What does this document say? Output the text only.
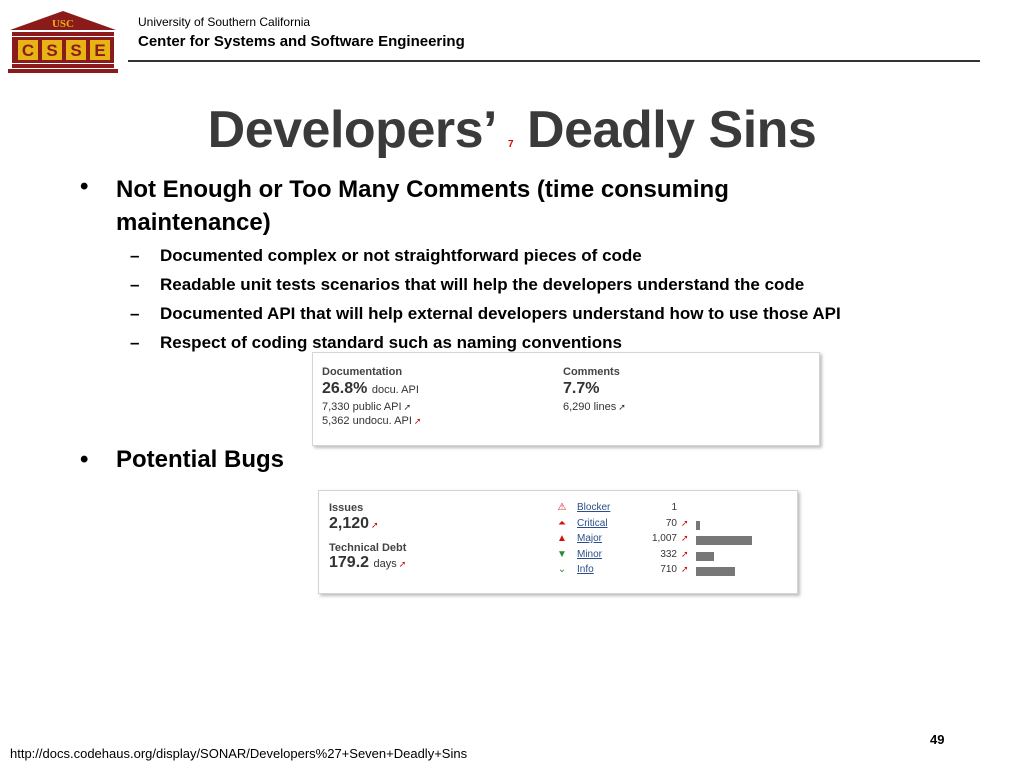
USC
C S S E
University of Southern California
Center for Systems and Software Engineering
Developers’ 7 Deadly Sins
• Not Enough or Too Many Comments (time consuming
maintenance)
– Documented complex or not straightforward pieces of code
– Readable unit tests scenarios that will help the developers understand the code
– Documented API that will help external developers understand how to use those API
– Respect of coding standard such as naming conventions
Documentation
26.8% docu. API
7,330 public API ➚
5,362 undocu. API ➚
Comments
7.7%
6,290 lines ➚
• Potential Bugs
Issues
2,120 ➚
Technical Debt
179.2 days ➚
⚠ Blocker	1
⏶ Critical	70 ➚
▲ Major	1,007 ➚
▼ Minor	332 ➚
⌄ Info	710 ➚
http://docs.codehaus.org/display/SONAR/Developers%27+Seven+Deadly+Sins
49
